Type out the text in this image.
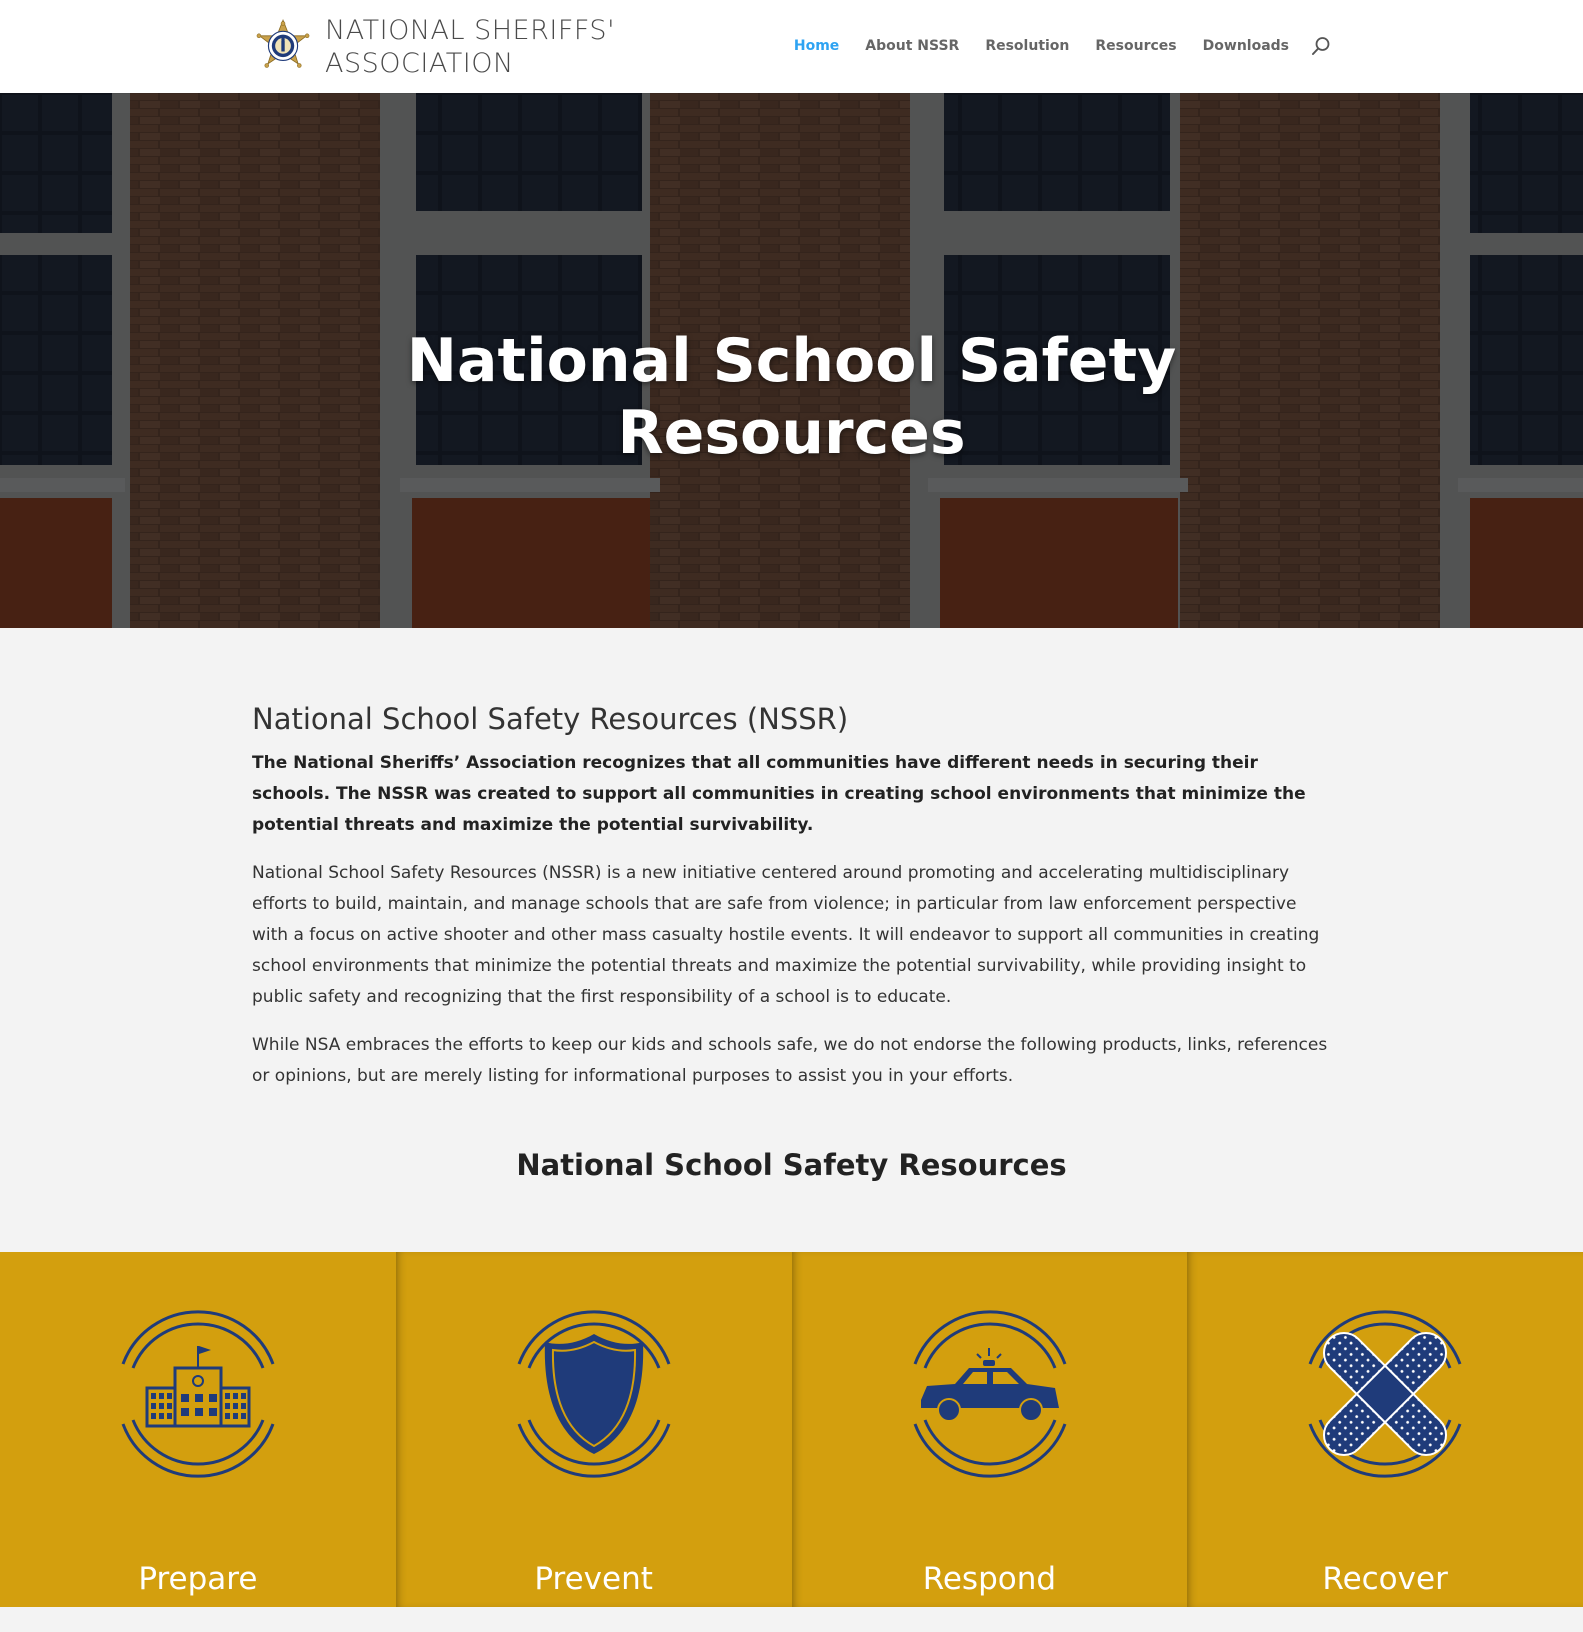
NATIONAL SHERIFFS'
ASSOCIATION
Home About NSSR Resolution Resources Downloads
National School Safety
Resources
National School Safety Resources (NSSR)

The National Sheriffs’ Association recognizes that all communities have different needs in securing their schools. The NSSR was created to support all communities in creating school environments that minimize the potential threats and maximize the potential survivability.

National School Safety Resources (NSSR) is a new initiative centered around promoting and accelerating multidisciplinary efforts to build, maintain, and manage schools that are safe from violence; in particular from law enforcement perspective with a focus on active shooter and other mass casualty hostile events. It will endeavor to support all communities in creating school environments that minimize the potential threats and maximize the potential survivability, while providing insight to public safety and recognizing that the first responsibility of a school is to educate.

While NSA embraces the efforts to keep our kids and schools safe, we do not endorse the following products, links, references or opinions, but are merely listing for informational purposes to assist you in your efforts.

National School Safety Resources
Prepare	Prevent	Respond	Recover
